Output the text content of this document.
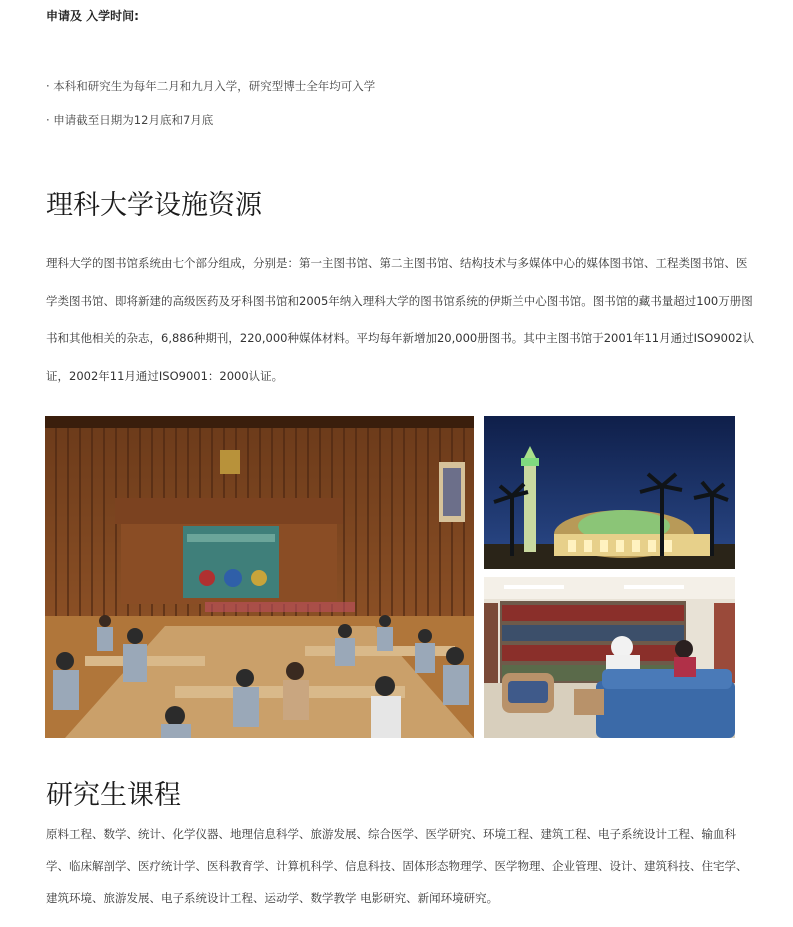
申请及 入学时间:
· 本科和研究生为每年二月和九月入学，研究型博士全年均可入学
· 申请截至日期为12月底和7月底
理科大学设施资源

理科大学的图书馆系统由七个部分组成，分别是：第一主图书馆、第二主图书馆、结构技术与多媒体中心的媒体图书馆、工程类图书馆、医学类图书馆、即将新建的高级医药及牙科图书馆和2005年纳入理科大学的图书馆系统的伊斯兰中心图书馆。图书馆的藏书量超过100万册图书和其他相关的杂志，6,886种期刊，220,000种媒体材料。平均每年新增加20,000册图书。其中主图书馆于2001年11月通过ISO9002认证，2002年11月通过ISO9001：2000认证。

研究生课程

原料工程、数学、统计、化学仪器、地理信息科学、旅游发展、综合医学、医学研究、环境工程、建筑工程、电子系统设计工程、输血科学、临床解剖学、医疗统计学、医科教育学、计算机科学、信息科技、固体形态物理学、医学物理、企业管理、设计、建筑科技、住宅学、建筑环境、旅游发展、电子系统设计工程、运动学、数学教学 电影研究、新闻环境研究。
